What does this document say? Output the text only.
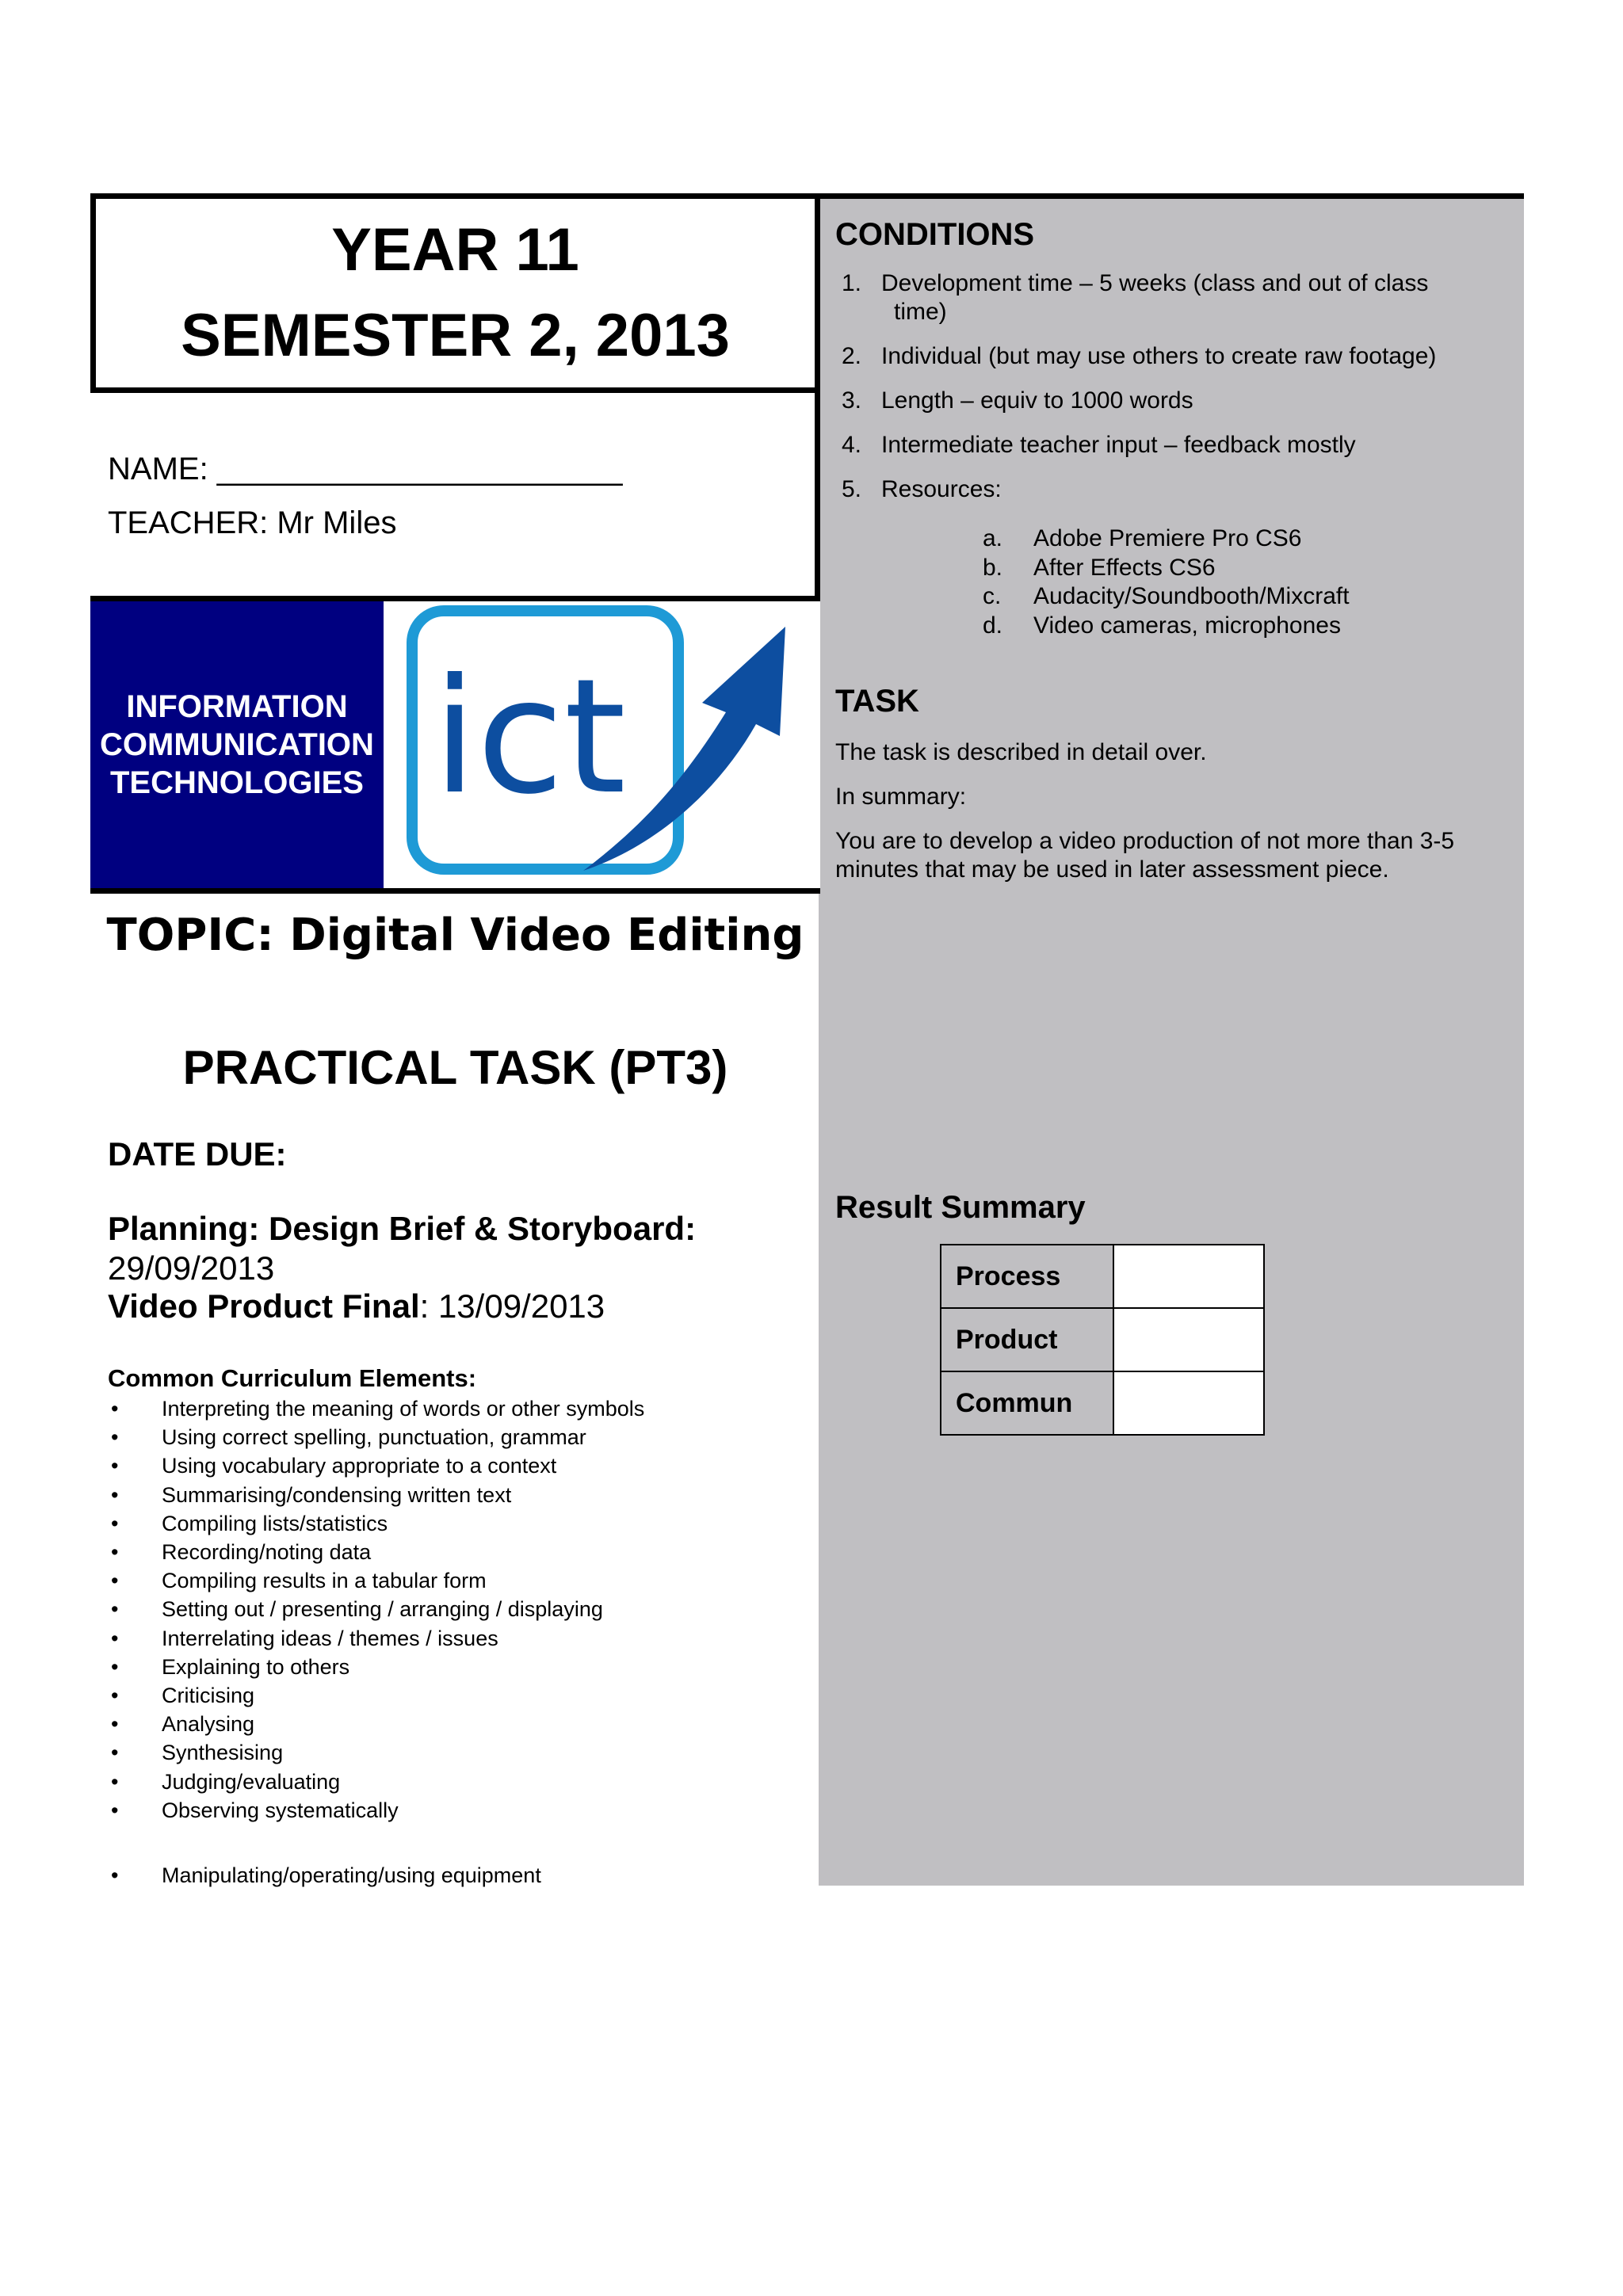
YEAR 11
SEMESTER 2, 2013
NAME: _______________________
TEACHER: Mr Miles
INFORMATION
COMMUNICATION
TECHNOLOGIES ict
TOPIC: Digital Video Editing
PRACTICAL TASK (PT3)
DATE DUE:
Planning: Design Brief & Storyboard:
29/09/2013
Video Product Final: 13/09/2013
Common Curriculum Elements:
• Interpreting the meaning of words or other symbols
• Using correct spelling, punctuation, grammar
• Using vocabulary appropriate to a context
• Summarising/condensing written text
• Compiling lists/statistics
• Recording/noting data
• Compiling results in a tabular form
• Setting out / presenting / arranging / displaying
• Interrelating ideas / themes / issues
• Explaining to others
• Criticising
• Analysing
• Synthesising
• Judging/evaluating
• Observing systematically
• Manipulating/operating/using equipment
CONDITIONS
1. Development time – 5 weeks (class and out of class
time)
2. Individual (but may use others to create raw footage)
3. Length – equiv to 1000 words
4. Intermediate teacher input – feedback mostly
5. Resources:
a. Adobe Premiere Pro CS6
b. After Effects CS6
c. Audacity/Soundbooth/Mixcraft
d. Video cameras, microphones
TASK
The task is described in detail over.
In summary:
You are to develop a video production of not more than 3-5 minutes that may be used in later assessment piece.
Result Summary
Process	
Product	
Commun	
